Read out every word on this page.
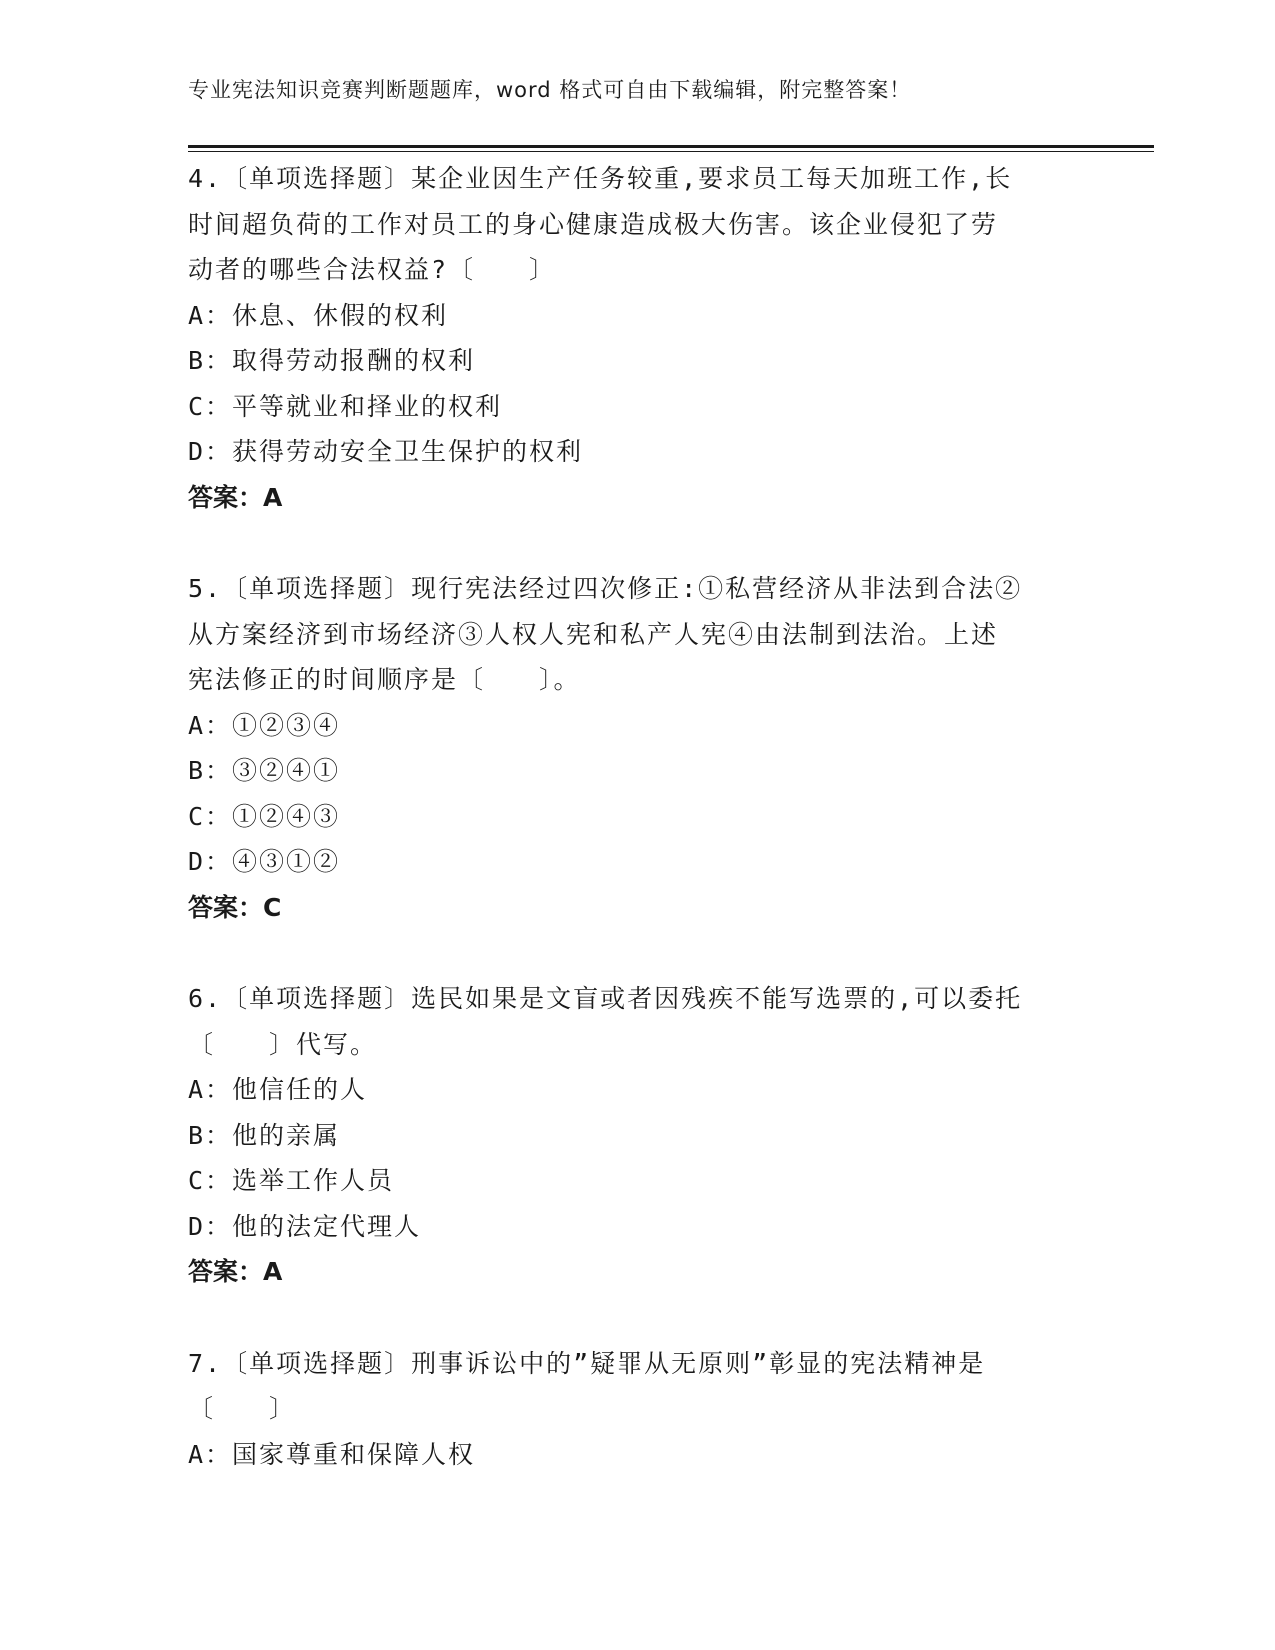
专业宪法知识竞赛判断题题库，word 格式可自由下载编辑，附完整答案！
4.〔单项选择题〕某企业因生产任务较重,要求员工每天加班工作,长
时间超负荷的工作对员工的身心健康造成极大伤害。该企业侵犯了劳
动者的哪些合法权益?〔　　〕
A：休息、休假的权利
B：取得劳动报酬的权利
C：平等就业和择业的权利
D：获得劳动安全卫生保护的权利
答案：A
5.〔单项选择题〕现行宪法经过四次修正:①私营经济从非法到合法②
从方案经济到市场经济③人权人宪和私产人宪④由法制到法治。上述
宪法修正的时间顺序是〔　　〕。
A：①②③④
B：③②④①
C：①②④③
D：④③①②
答案：C
6.〔单项选择题〕选民如果是文盲或者因残疾不能写选票的,可以委托
〔　　〕代写。
A：他信任的人
B：他的亲属
C：选举工作人员
D：他的法定代理人
答案：A
7.〔单项选择题〕刑事诉讼中的”疑罪从无原则”彰显的宪法精神是
〔　　〕
A：国家尊重和保障人权
